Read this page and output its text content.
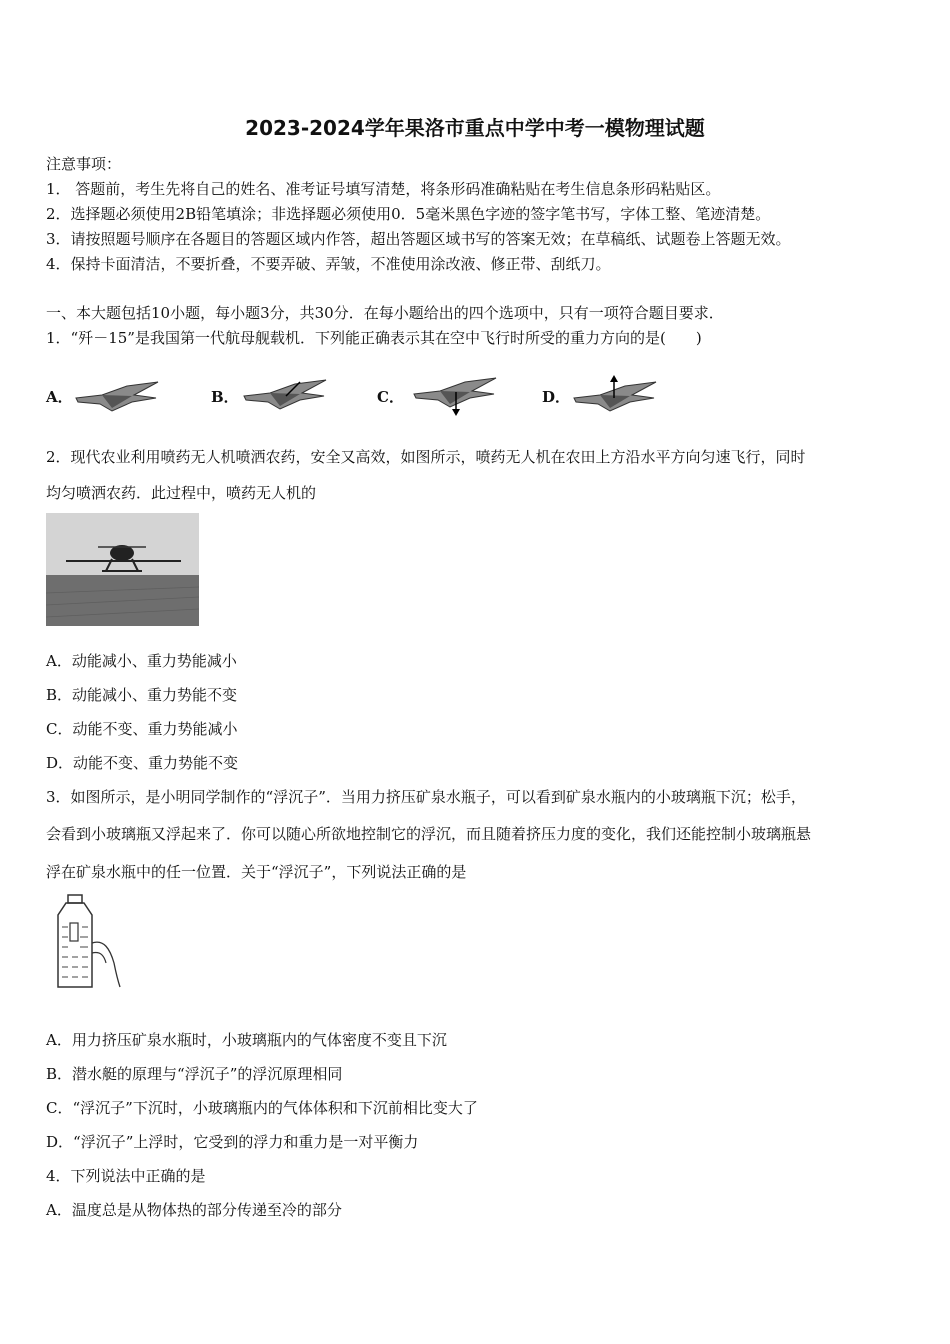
2023-2024学年果洛市重点中学中考一模物理试题
注意事项：
1． 答题前，考生先将自己的姓名、准考证号填写清楚，将条形码准确粘贴在考生信息条形码粘贴区。
2．选择题必须使用2B铅笔填涂；非选择题必须使用0．5毫米黑色字迹的签字笔书写，字体工整、笔迹清楚。
3．请按照题号顺序在各题目的答题区域内作答，超出答题区域书写的答案无效；在草稿纸、试题卷上答题无效。
4．保持卡面清洁，不要折叠，不要弄破、弄皱，不准使用涂改液、修正带、刮纸刀。
一、本大题包括10小题，每小题3分，共30分．在每小题给出的四个选项中，只有一项符合题目要求．
1．“歼－15”是我国第一代航母舰载机．下列能正确表示其在空中飞行时所受的重力方向的是(　　)
A．	B．	C．	D．
2．现代农业利用喷药无人机喷洒农药，安全又高效，如图所示，喷药无人机在农田上方沿水平方向匀速飞行，同时
均匀喷洒农药．此过程中，喷药无人机的
A．动能减小、重力势能减小
B．动能减小、重力势能不变
C．动能不变、重力势能减小
D．动能不变、重力势能不变
3．如图所示，是小明同学制作的“浮沉子”．当用力挤压矿泉水瓶子，可以看到矿泉水瓶内的小玻璃瓶下沉；松手，
会看到小玻璃瓶又浮起来了．你可以随心所欲地控制它的浮沉，而且随着挤压力度的变化，我们还能控制小玻璃瓶悬
浮在矿泉水瓶中的任一位置．关于“浮沉子”，下列说法正确的是
A．用力挤压矿泉水瓶时，小玻璃瓶内的气体密度不变且下沉
B．潜水艇的原理与“浮沉子”的浮沉原理相同
C．“浮沉子”下沉时，小玻璃瓶内的气体体积和下沉前相比变大了
D．“浮沉子”上浮时，它受到的浮力和重力是一对平衡力
4．下列说法中正确的是
A．温度总是从物体热的部分传递至冷的部分
